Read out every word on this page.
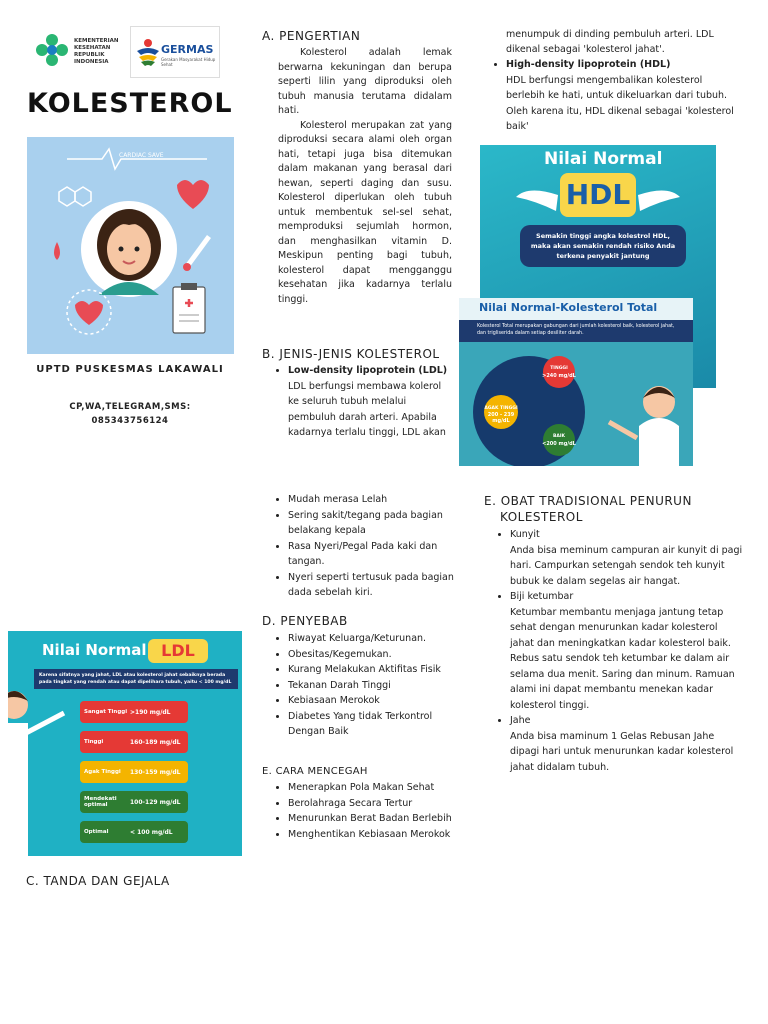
KEMENTERIAN
KESEHATAN
REPUBLIK
INDONESIA
GERMAS
Gerakan Masyarakat Hidup Sehat
KOLESTEROL
CARDIAC SAVE
UPTD PUSKESMAS LAKAWALI
CP,WA,TELEGRAM,SMS:
085343756124
A. PENGERTIAN
Kolesterol adalah lemak berwarna kekuningan dan berupa seperti lilin yang diproduksi oleh tubuh manusia terutama didalam hati.
Kolesterol merupakan zat yang diproduksi secara alami oleh organ hati, tetapi juga bisa ditemukan dalam makanan yang berasal dari hewan, seperti daging dan susu. Kolesterol diperlukan oleh tubuh untuk membentuk sel-sel sehat, memproduksi sejumlah hormon, dan menghasilkan vitamin D. Meskipun penting bagi tubuh, kolesterol dapat mengganggu kesehatan jika kadarnya terlalu tinggi.
B. JENIS-JENIS KOLESTEROL
• Low-density lipoprotein (LDL)
LDL berfungsi membawa kolerol ke seluruh tubuh melalui pembuluh darah arteri. Apabila kadarnya terlalu tinggi, LDL akan
menumpuk di dinding pembuluh arteri. LDL dikenal sebagai 'kolesterol jahat'.
• High-density lipoprotein (HDL)
HDL berfungsi mengembalikan kolesterol berlebih ke hati, untuk dikeluarkan dari tubuh. Oleh karena itu, HDL dikenal sebagai 'kolesterol baik'
Nilai Normal
HDL
Semakin tinggi angka kolestrol HDL, maka akan semakin rendah risiko Anda terkena penyakit jantung
Nilai Normal-Kolesterol Total
Kolesterol Total merupakan gabungan dari jumlah kolesterol baik, kolesterol jahat, dan trigliserida dalam setiap desiliter darah.
TINGGI
>240 mg/dL
AGAK TINGGI
200 - 239 mg/dL
BAIK
<200 mg/dL
Nilai Normal LDL
Karena sifatnya yang jahat, LDL atau kolesterol jahat sebaiknya berada pada tingkat yang rendah atau dapat dipelihara tubuh, yaitu < 100 mg/dL
Sangat Tinggi >190 mg/dL
Tinggi	160-189 mg/dL
Agak Tinggi	130-159 mg/dL
Mendekati optimal	100-129 mg/dL
Optimal	< 100 mg/dL
C. TANDA DAN GEJALA
• Mudah merasa Lelah
• Sering sakit/tegang pada bagian belakang kepala
• Rasa Nyeri/Pegal Pada kaki dan tangan.
• Nyeri seperti tertusuk pada bagian dada sebelah kiri.
D. PENYEBAB
• Riwayat Keluarga/Keturunan.
• Obesitas/Kegemukan.
• Kurang Melakukan Aktifitas Fisik
• Tekanan Darah Tinggi
• Kebiasaan Merokok
• Diabetes Yang tidak Terkontrol Dengan Baik
E. CARA MENCEGAH
• Menerapkan Pola Makan Sehat
• Berolahraga Secara Tertur
• Menurunkan Berat Badan Berlebih
• Menghentikan Kebiasaan Merokok
E. OBAT TRADISIONAL PENURUN
KOLESTEROL
• Kunyit
Anda bisa meminum campuran air kunyit di pagi hari. Campurkan setengah sendok teh kunyit bubuk ke dalam segelas air hangat.
• Biji ketumbar
Ketumbar membantu menjaga jantung tetap sehat dengan menurunkan kadar kolesterol jahat dan meningkatkan kadar kolesterol baik. Rebus satu sendok teh ketumbar ke dalam air selama dua menit. Saring dan minum. Ramuan alami ini dapat membantu menekan kadar kolesterol tinggi.
• Jahe
Anda bisa maminum 1 Gelas Rebusan Jahe dipagi hari untuk menurunkan kadar kolesterol jahat didalam tubuh.
